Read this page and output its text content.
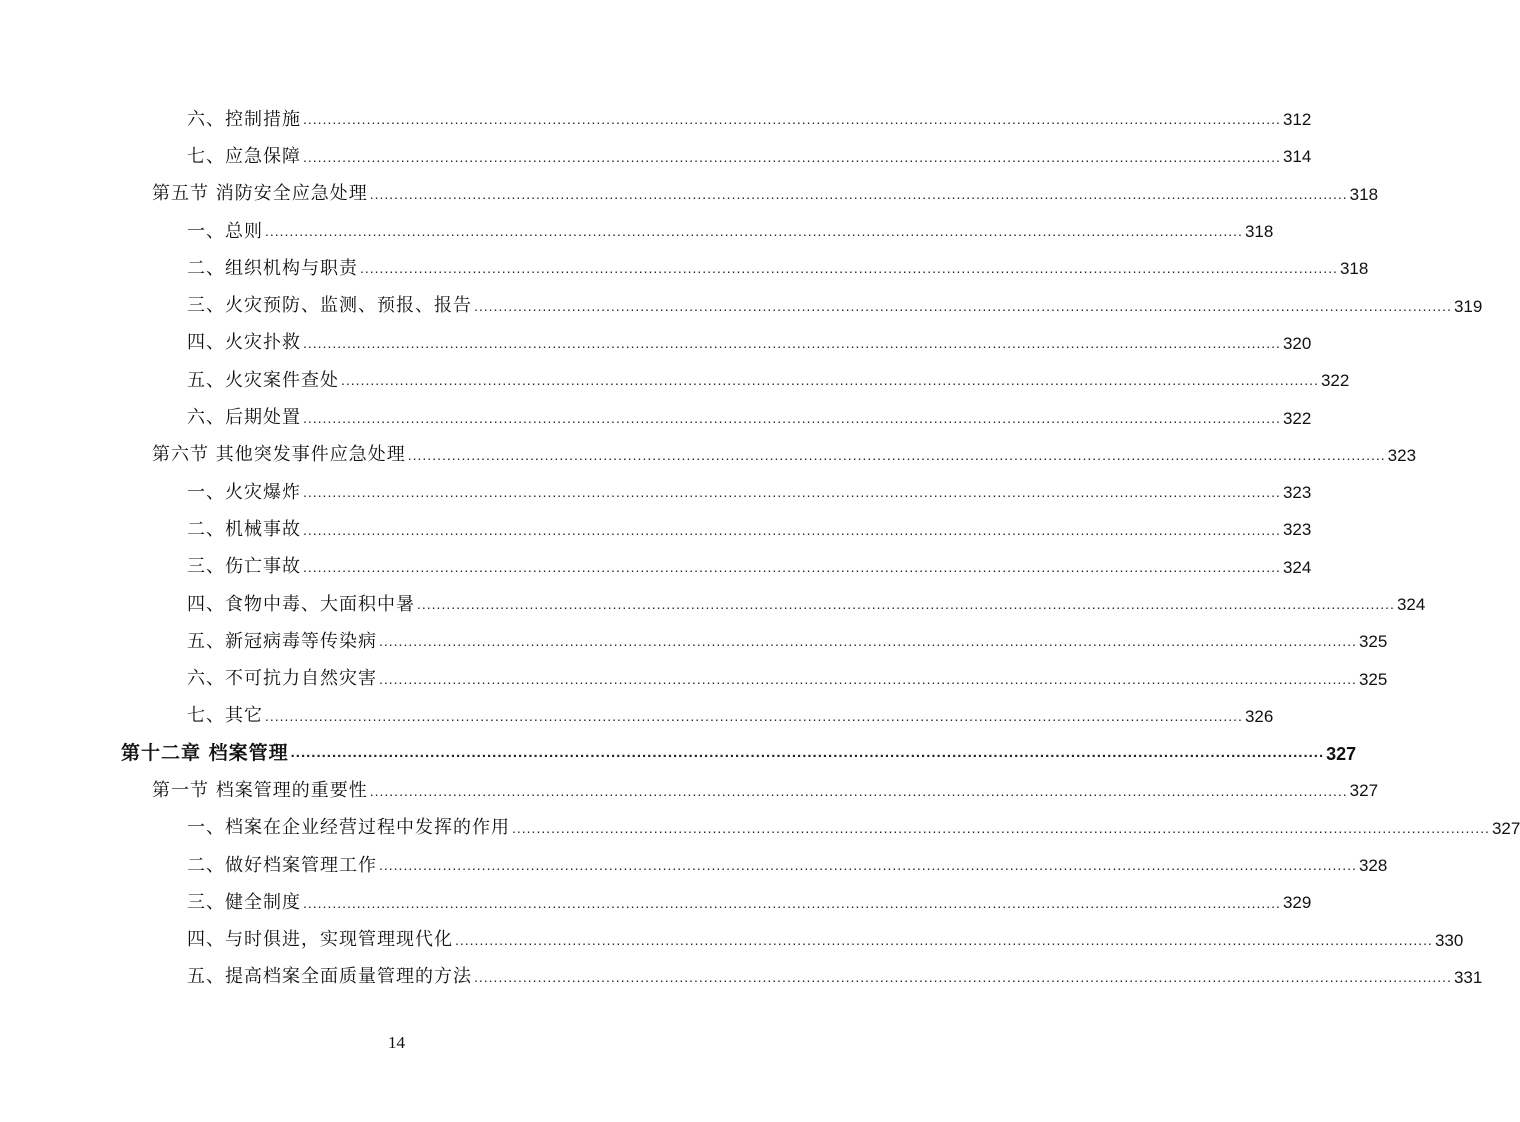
六、控制措施 ........................................................................................................................................................................................................ 312
七、应急保障 ........................................................................................................................................................................................................ 314
第五节 消防安全应急处理 ........................................................................................................................................................................................................ 318
一、总则 ........................................................................................................................................................................................................ 318
二、组织机构与职责 ........................................................................................................................................................................................................ 318
三、火灾预防、监测、预报、报告 ........................................................................................................................................................................................................ 319
四、火灾扑救 ........................................................................................................................................................................................................ 320
五、火灾案件查处 ........................................................................................................................................................................................................ 322
六、后期处置 ........................................................................................................................................................................................................ 322
第六节 其他突发事件应急处理 ........................................................................................................................................................................................................ 323
一、火灾爆炸 ........................................................................................................................................................................................................ 323
二、机械事故 ........................................................................................................................................................................................................ 323
三、伤亡事故 ........................................................................................................................................................................................................ 324
四、食物中毒、大面积中暑 ........................................................................................................................................................................................................ 324
五、新冠病毒等传染病 ........................................................................................................................................................................................................ 325
六、不可抗力自然灾害 ........................................................................................................................................................................................................ 325
七、其它 ........................................................................................................................................................................................................ 326
第十二章 档案管理 ........................................................................................................................................................................................................ 327
第一节 档案管理的重要性 ........................................................................................................................................................................................................ 327
一、档案在企业经营过程中发挥的作用 ........................................................................................................................................................................................................ 327
二、做好档案管理工作 ........................................................................................................................................................................................................ 328
三、健全制度 ........................................................................................................................................................................................................ 329
四、与时俱进，实现管理现代化 ........................................................................................................................................................................................................ 330
五、提高档案全面质量管理的方法 ........................................................................................................................................................................................................ 331
14
